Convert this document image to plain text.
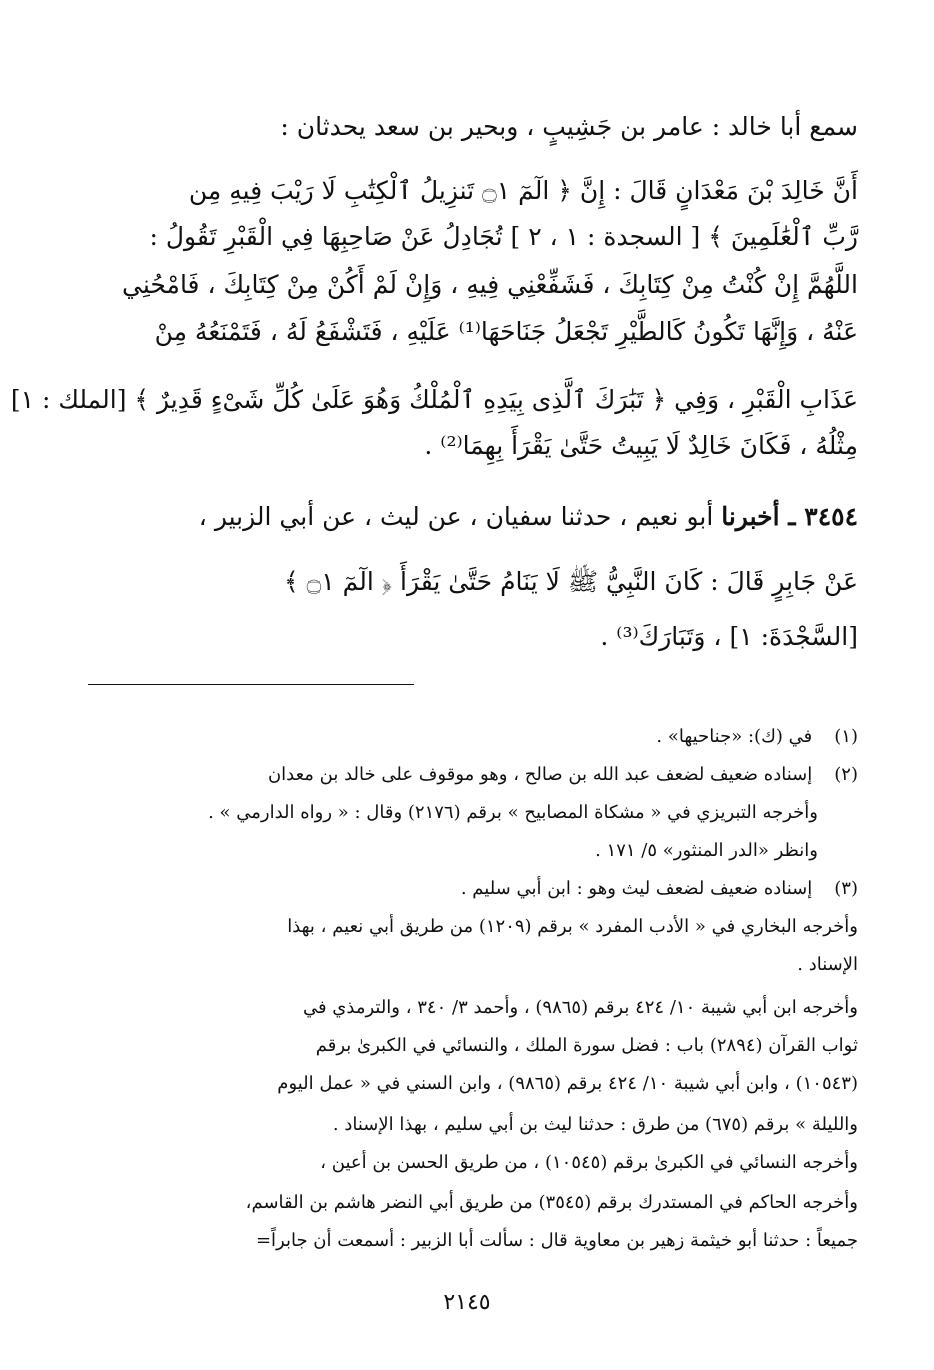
سمع أبا خالد : عامر بن جَشِيبٍ ، وبحير بن سعد يحدثان :
أَنَّ خَالِدَ بْنَ مَعْدَانٍ قَالَ : إِنَّ ﴿ الٓمٓ ۝١ تَنزِيلُ ٱلْكِتَٰبِ لَا رَيْبَ فِيهِ مِن
رَّبِّ ٱلْعَٰلَمِينَ ﴾ [ السجدة : ١ ، ٢ ] تُجَادِلُ عَنْ صَاحِبِهَا فِي الْقَبْرِ تَقُولُ :
اللَّهُمَّ إِنْ كُنْتُ مِنْ كِتَابِكَ ، فَشَفِّعْنِي فِيهِ ، وَإِنْ لَمْ أَكُنْ مِنْ كِتَابِكَ ، فَامْحُنِي
عَنْهُ ، وَإِنَّهَا تَكُونُ كَالطَّيْرِ تَجْعَلُ جَنَاحَهَا⁽¹⁾ عَلَيْهِ ، فَتَشْفَعُ لَهُ ، فَتَمْنَعُهُ مِنْ
عَذَابِ الْقَبْرِ ، وَفِي ﴿ تَبَٰرَكَ ٱلَّذِى بِيَدِهِ ٱلْمُلْكُ وَهُوَ عَلَىٰ كُلِّ شَىْءٍ قَدِيرٌ ﴾ [الملك : ١]
مِثْلُهُ ، فَكَانَ خَالِدٌ لَا يَبِيتُ حَتَّىٰ يَقْرَأَ بِهِمَا⁽²⁾ .
٣٤٥٤ ـ أخبرنا أبو نعيم ، حدثنا سفيان ، عن ليث ، عن أبي الزبير ،
عَنْ جَابِرٍ قَالَ : كَانَ النَّبِيُّ ﷺ لَا يَنَامُ حَتَّىٰ يَقْرَأَ ﴿ الٓمٓ ۝١ ﴾
[السَّجْدَةَ: ١] ، وَتَبَارَكَ⁽³⁾ .
(١) في (ك): «جناحيها» .
(٢) إسناده ضعيف لضعف عبد الله بن صالح ، وهو موقوف على خالد بن معدان
وأخرجه التبريزي في « مشكاة المصابيح » برقم (٢١٧٦) وقال : « رواه الدارمي » .
وانظر «الدر المنثور» ٥/ ١٧١ .
(٣) إسناده ضعيف لضعف ليث وهو : ابن أبي سليم .
وأخرجه البخاري في « الأدب المفرد » برقم (١٢٠٩) من طريق أبي نعيم ، بهذا
الإسناد .
وأخرجه ابن أبي شيبة ١٠/ ٤٢٤ برقم (٩٨٦٥) ، وأحمد ٣/ ٣٤٠ ، والترمذي في
ثواب القرآن (٢٨٩٤) باب : فضل سورة الملك ، والنسائي في الكبرىٰ برقم
(١٠٥٤٣) ، وابن أبي شيبة ١٠/ ٤٢٤ برقم (٩٨٦٥) ، وابن السني في « عمل اليوم
والليلة » برقم (٦٧٥) من طرق : حدثنا ليث بن أبي سليم ، بهذا الإسناد .
وأخرجه النسائي في الكبرىٰ برقم (١٠٥٤٥) ، من طريق الحسن بن أعين ،
وأخرجه الحاكم في المستدرك برقم (٣٥٤٥) من طريق أبي النضر هاشم بن القاسم،
جميعاً : حدثنا أبو خيثمة زهير بن معاوية قال : سألت أبا الزبير : أسمعت أن جابراً=
٢١٤٥
